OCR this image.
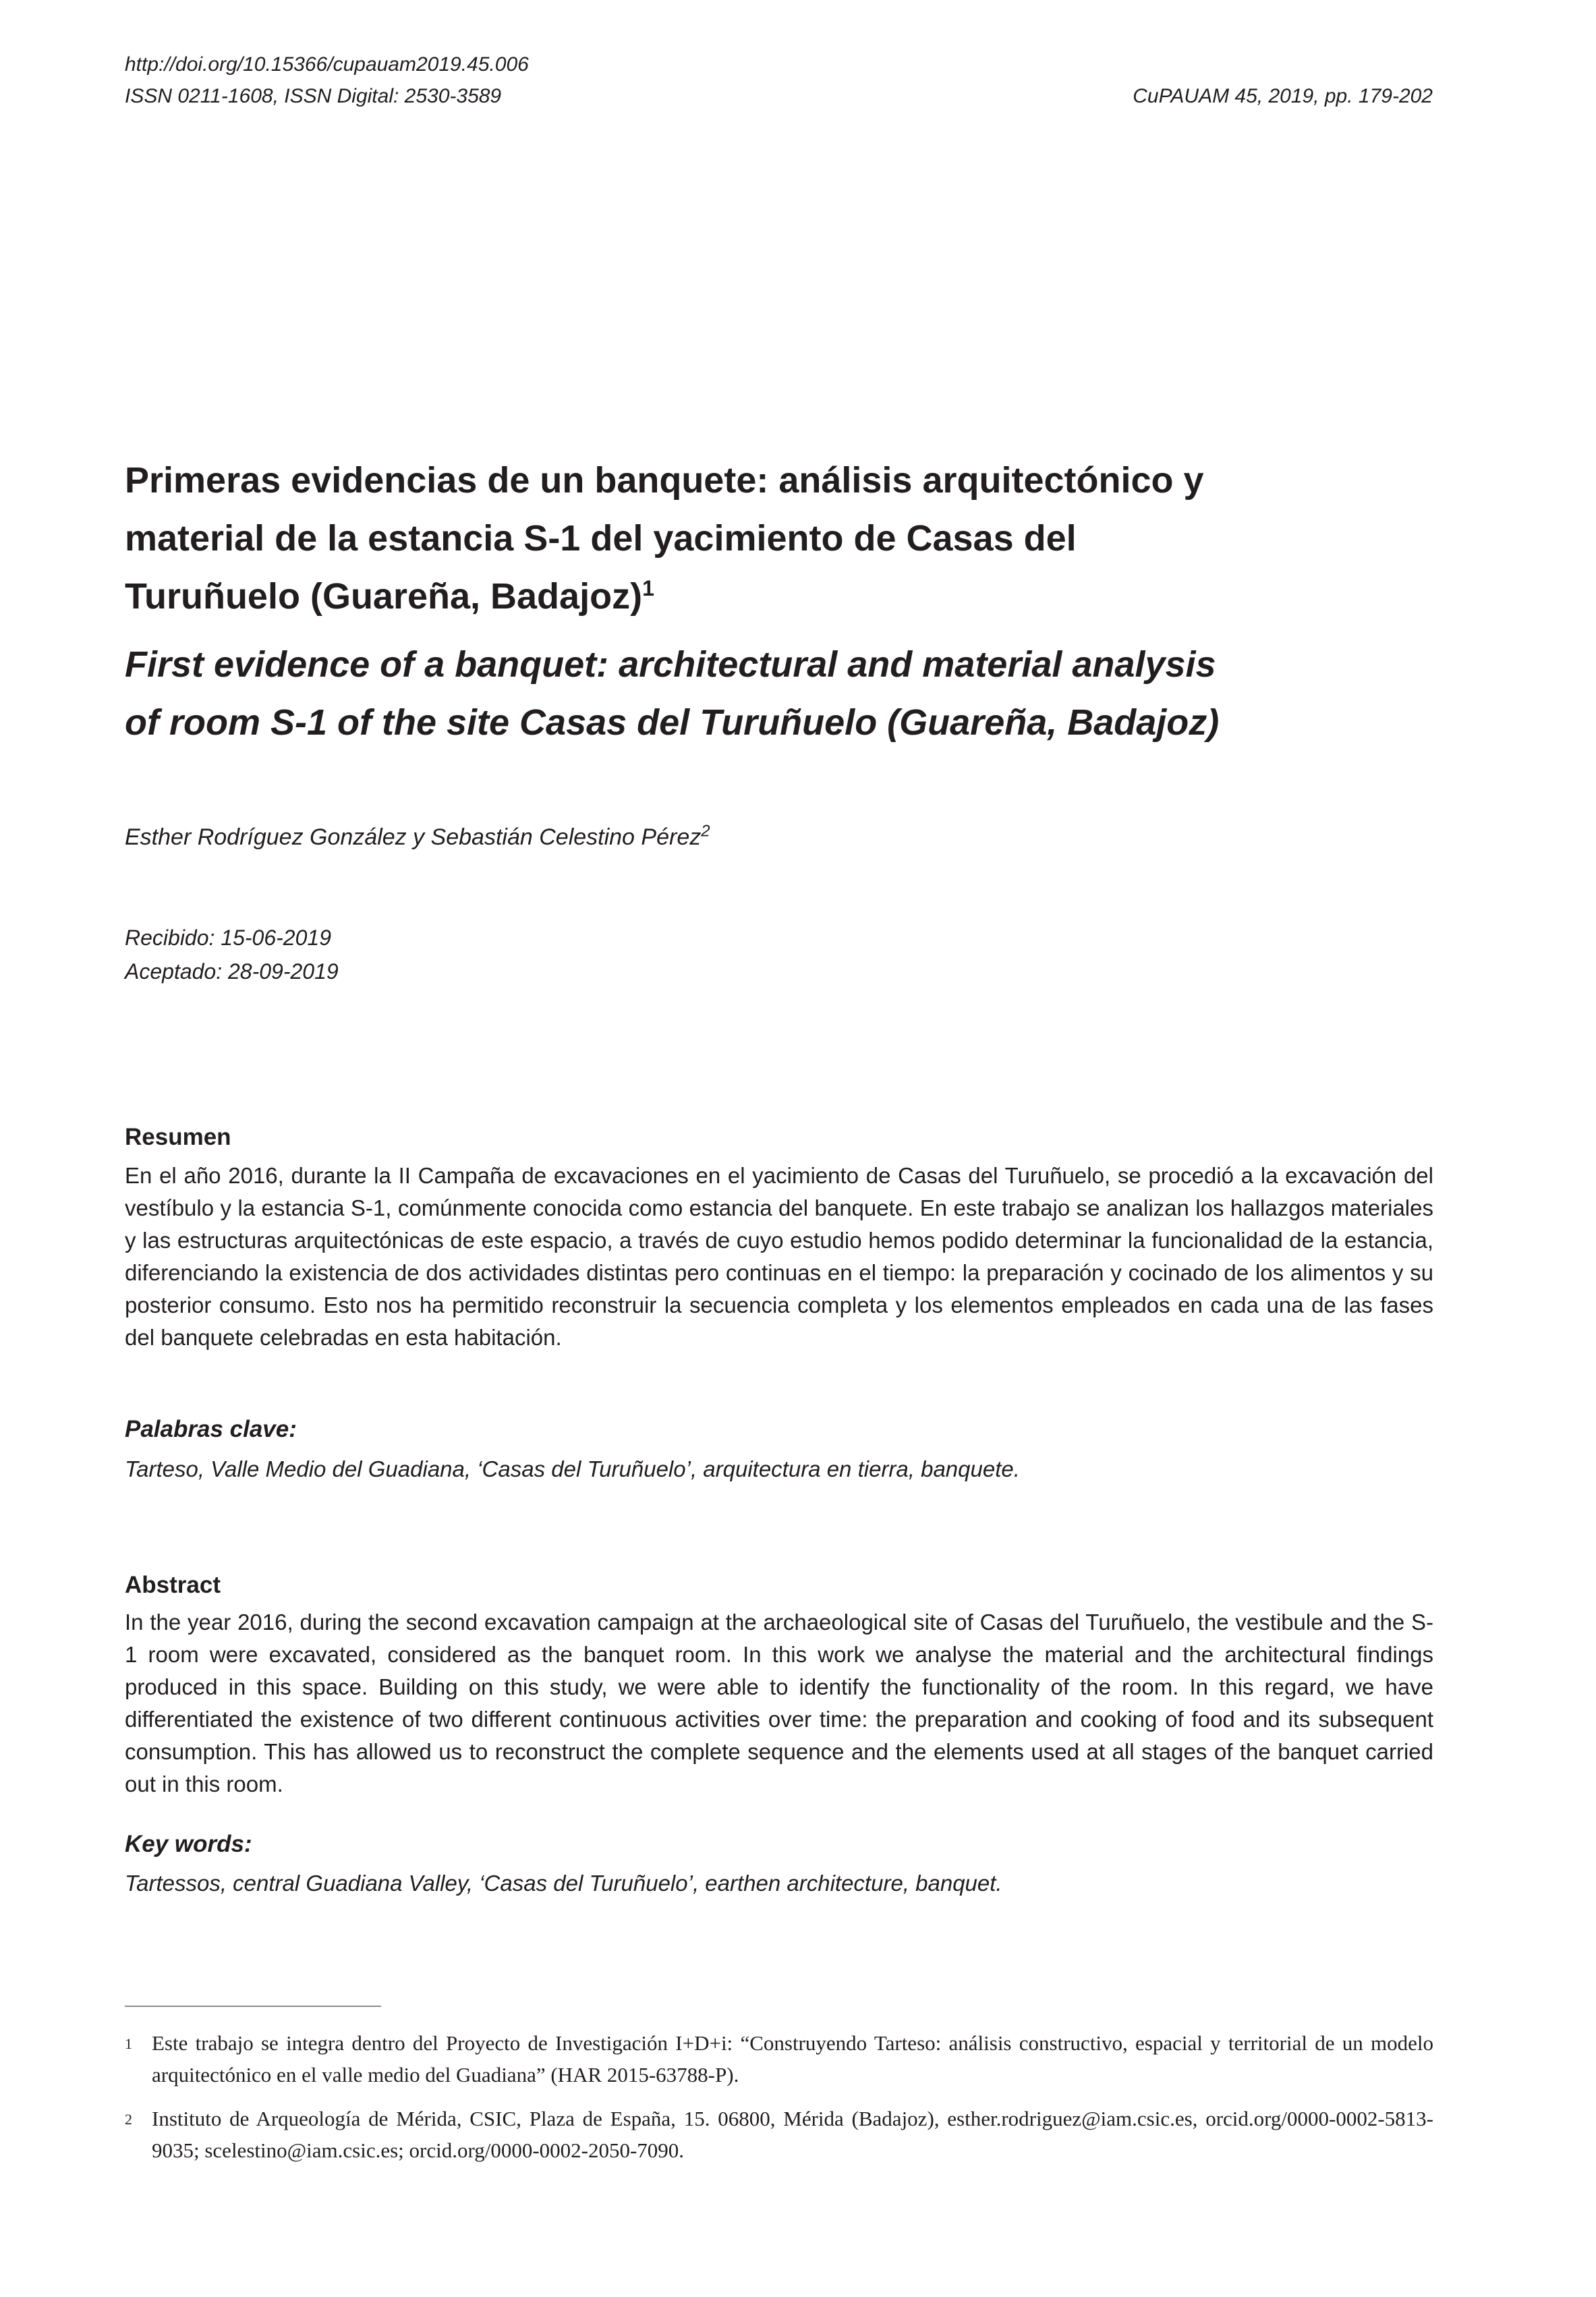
http://doi.org/10.15366/cupauam2019.45.006
ISSN 0211-1608, ISSN Digital: 2530-3589	CuPAUAM 45, 2019, pp. 179-202
Primeras evidencias de un banquete: análisis arquitectónico y
material de la estancia S-1 del yacimiento de Casas del
Turuñuelo (Guareña, Badajoz)$^1$
First evidence of a banquet: architectural and material analysis
of room S-1 of the site Casas del Turuñuelo (Guareña, Badajoz)
Esther Rodríguez González y Sebastián Celestino Pérez$^2$
Recibido: 15-06-2019
Aceptado: 28-09-2019
Resumen

En el año 2016, durante la II Campaña de excavaciones en el yacimiento de Casas del Turuñuelo, se procedió a la excavación del vestíbulo y la estancia S-1, comúnmente conocida como estancia del banquete. En este trabajo se analizan los hallazgos materiales y las estructuras arquitectónicas de este espacio, a través de cuyo estudio hemos podido determinar la funcionalidad de la estancia, diferenciando la existencia de dos actividades distintas pero continuas en el tiempo: la preparación y cocinado de los alimentos y su posterior consumo. Esto nos ha permitido reconstruir la secuencia completa y los elementos empleados en cada una de las fases del banquete celebradas en esta habitación.

Palabras clave:

Tarteso, Valle Medio del Guadiana, ‘Casas del Turuñuelo’, arquitectura en tierra, banquete.

Abstract

In the year 2016, during the second excavation campaign at the archaeological site of Casas del Turuñuelo, the vestibule and the S-1 room were excavated, considered as the banquet room. In this work we analyse the material and the architectural findings produced in this space. Building on this study, we were able to identify the functionality of the room. In this regard, we have differentiated the existence of two different continuous activities over time: the preparation and cooking of food and its subsequent consumption. This has allowed us to reconstruct the complete sequence and the elements used at all stages of the banquet carried out in this room.

Key words:

Tartessos, central Guadiana Valley, ‘Casas del Turuñuelo’, earthen architecture, banquet.

1 Este trabajo se integra dentro del Proyecto de Investigación I+D+i: “Construyendo Tarteso: análisis constructivo, espacial y territorial de un modelo arquitectónico en el valle medio del Guadiana” (HAR 2015-63788-P).
2 Instituto de Arqueología de Mérida, CSIC, Plaza de España, 15. 06800, Mérida (Badajoz), esther.rodriguez@iam.csic.es, orcid.org/0000-0002-5813-9035; scelestino@iam.csic.es; orcid.org/0000-0002-2050-7090.
